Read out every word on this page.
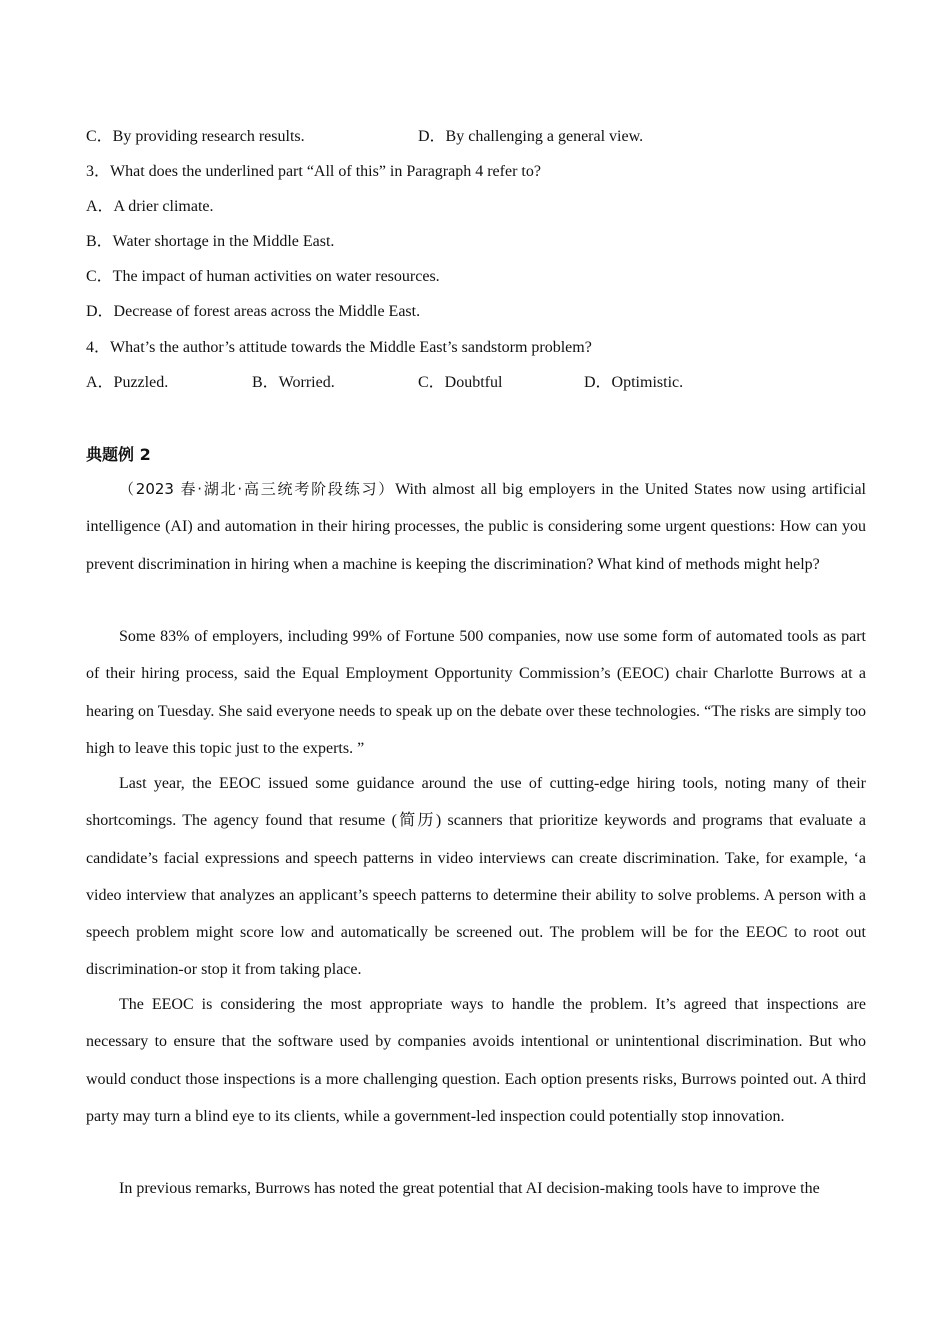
C．By providing research results.	D．By challenging a general view.
3．What does the underlined part “All of this” in Paragraph 4 refer to?
A．A drier climate.
B．Water shortage in the Middle East.
C．The impact of human activities on water resources.
D．Decrease of forest areas across the Middle East.
4．What’s the author’s attitude towards the Middle East’s sandstorm problem?
A．Puzzled.	B．Worried.	C．Doubtful	D．Optimistic.
典题例 2
（2023 春·湖北·高三统考阶段练习）With almost all big employers in the United States now using artificial intelligence (AI) and automation in their hiring processes, the public is considering some urgent questions: How can you prevent discrimination in hiring when a machine is keeping the discrimination? What kind of methods might help?
Some 83% of employers, including 99% of Fortune 500 companies, now use some form of automated tools as part of their hiring process, said the Equal Employment Opportunity Commission’s (EEOC) chair Charlotte Burrows at a hearing on Tuesday. She said everyone needs to speak up on the debate over these technologies. “The risks are simply too high to leave this topic just to the experts. ”
Last year, the EEOC issued some guidance around the use of cutting-edge hiring tools, noting many of their shortcomings. The agency found that resume (简历) scanners that prioritize keywords and programs that evaluate a candidate’s facial expressions and speech patterns in video interviews can create discrimination. Take, for example, ‘a video interview that analyzes an applicant’s speech patterns to determine their ability to solve problems. A person with a speech problem might score low and automatically be screened out. The problem will be for the EEOC to root out discrimination-or stop it from taking place.
The EEOC is considering the most appropriate ways to handle the problem. It’s agreed that inspections are necessary to ensure that the software used by companies avoids intentional or unintentional discrimination. But who would conduct those inspections is a more challenging question. Each option presents risks, Burrows pointed out. A third party may turn a blind eye to its clients, while a government-led inspection could potentially stop innovation.
In previous remarks, Burrows has noted the great potential that AI decision-making tools have to improve the
